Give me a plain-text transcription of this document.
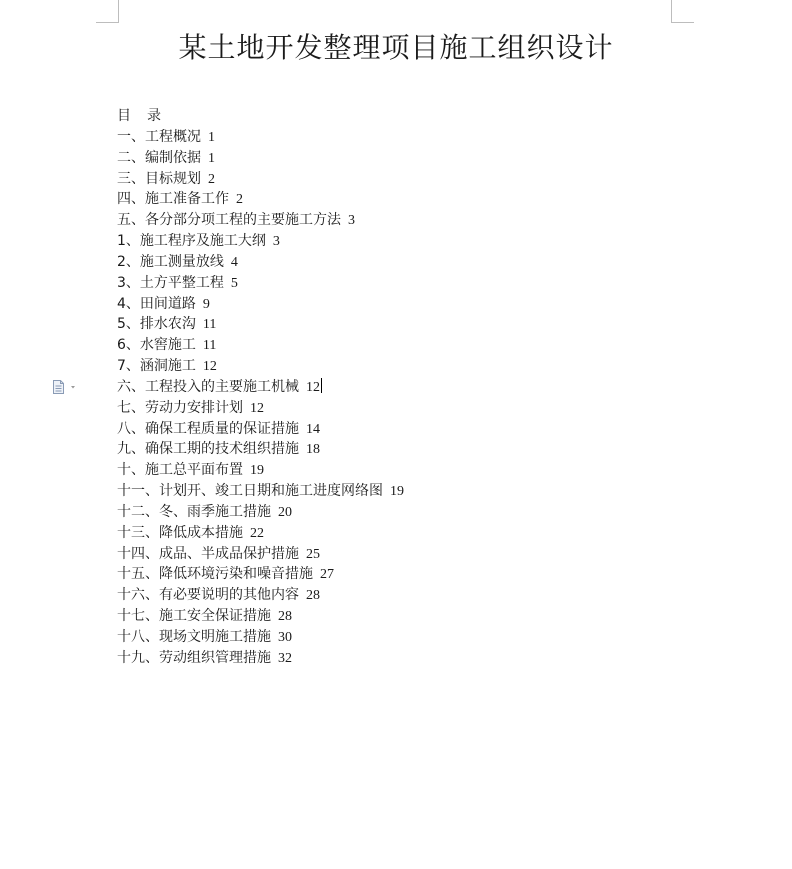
某土地开发整理项目施工组织设计
目 录
一、工程概况 1
二、编制依据 1
三、目标规划 2
四、施工准备工作 2
五、各分部分项工程的主要施工方法 3
1、施工程序及施工大纲 3
2、施工测量放线 4
3、土方平整工程 5
4、田间道路 9
5、排水农沟 11
6、水窖施工 11
7、涵洞施工 12
六、工程投入的主要施工机械 12
七、劳动力安排计划 12
八、确保工程质量的保证措施 14
九、确保工期的技术组织措施 18
十、施工总平面布置 19
十一、计划开、竣工日期和施工进度网络图 19
十二、冬、雨季施工措施 20
十三、降低成本措施 22
十四、成品、半成品保护措施 25
十五、降低环境污染和噪音措施 27
十六、有必要说明的其他内容 28
十七、施工安全保证措施 28
十八、现场文明施工措施 30
十九、劳动组织管理措施 32
